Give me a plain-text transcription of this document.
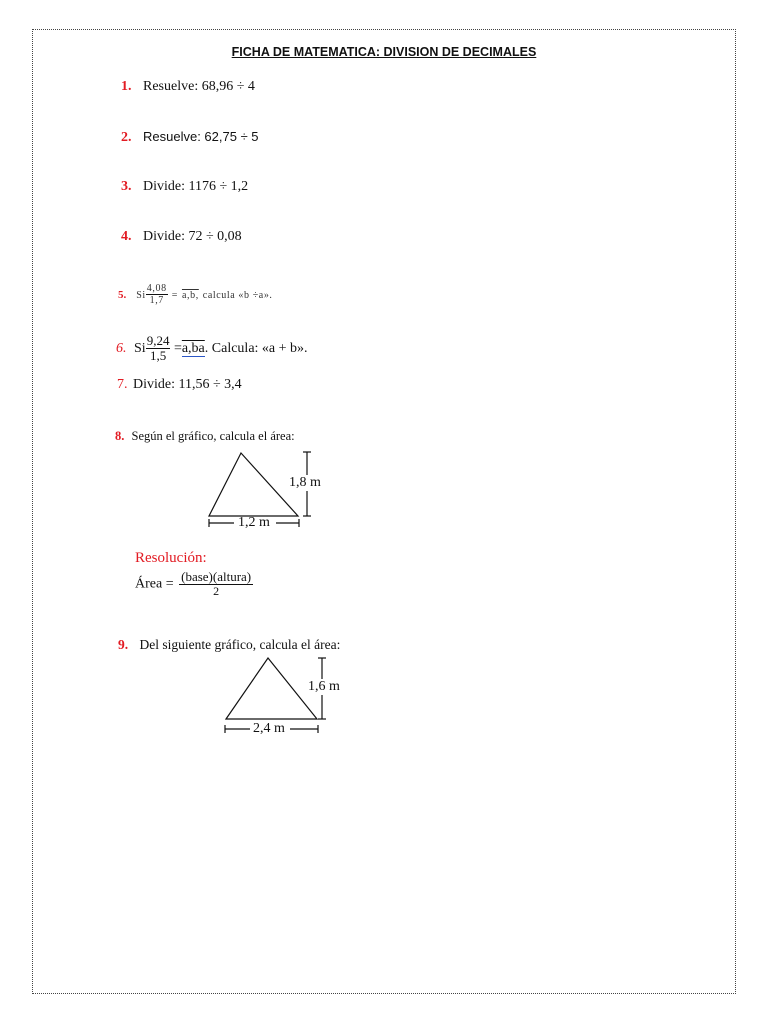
FICHA DE MATEMATICA: DIVISION DE DECIMALES
1. Resuelve: 68,96 ÷ 4
2. Resuelve: 62,75 ÷ 5
3. Divide: 1176 ÷ 1,2
4. Divide: 72 ÷ 0,08
5. Si $\frac{4,08}{1,7} = a,b$, calcula «b ÷a».
6. Si $\frac{9,24}{1,5} =a,ba$. Calcula: «a + b».
7. Divide: 11,56 ÷ 3,4
8. Según el gráfico, calcula el área:
1,8 m
1,2 m
Resolución:
Área = $\frac{\text{(base)(altura)}}{2}$
9. Del siguiente gráfico, calcula el área:
1,6 m
2,4 m
